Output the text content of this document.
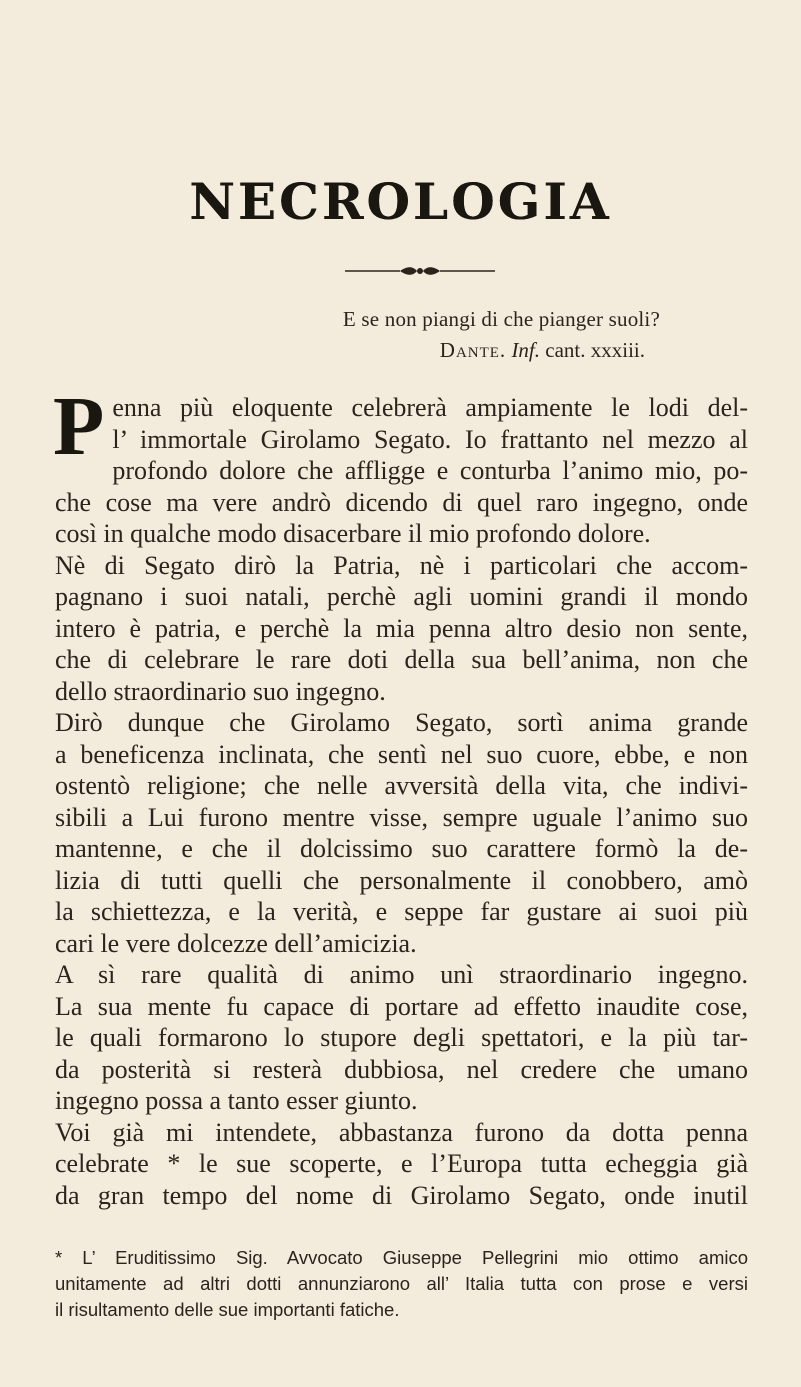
NECROLOGIA
E se non piangi di che pianger suoli?
Dante. Inf. cant. xxxiii.
P enna più eloquente celebrerà ampiamente le lodi del-
l’ immortale Girolamo Segato. Io frattanto nel mezzo al
profondo dolore che affligge e conturba l’animo mio, po-
che cose ma vere andrò dicendo di quel raro ingegno, onde
così in qualche modo disacerbare il mio profondo dolore.
Nè di Segato dirò la Patria, nè i particolari che accom-
pagnano i suoi natali, perchè agli uomini grandi il mondo
intero è patria, e perchè la mia penna altro desio non sente,
che di celebrare le rare doti della sua bell’anima, non che
dello straordinario suo ingegno.
Dirò dunque che Girolamo Segato, sortì anima grande
a beneficenza inclinata, che sentì nel suo cuore, ebbe, e non
ostentò religione; che nelle avversità della vita, che indivi-
sibili a Lui furono mentre visse, sempre uguale l’animo suo
mantenne, e che il dolcissimo suo carattere formò la de-
lizia di tutti quelli che personalmente il conobbero, amò
la schiettezza, e la verità, e seppe far gustare ai suoi più
cari le vere dolcezze dell’amicizia.
A sì rare qualità di animo unì straordinario ingegno.
La sua mente fu capace di portare ad effetto inaudite cose,
le quali formarono lo stupore degli spettatori, e la più tar-
da posterità si resterà dubbiosa, nel credere che umano
ingegno possa a tanto esser giunto.
Voi già mi intendete, abbastanza furono da dotta penna
celebrate * le sue scoperte, e l’Europa tutta echeggia già
da gran tempo del nome di Girolamo Segato, onde inutil
* L’ Eruditissimo Sig. Avvocato Giuseppe Pellegrini mio ottimo amico
unitamente ad altri dotti annunziarono all’ Italia tutta con prose e versi
il risultamento delle sue importanti fatiche.
